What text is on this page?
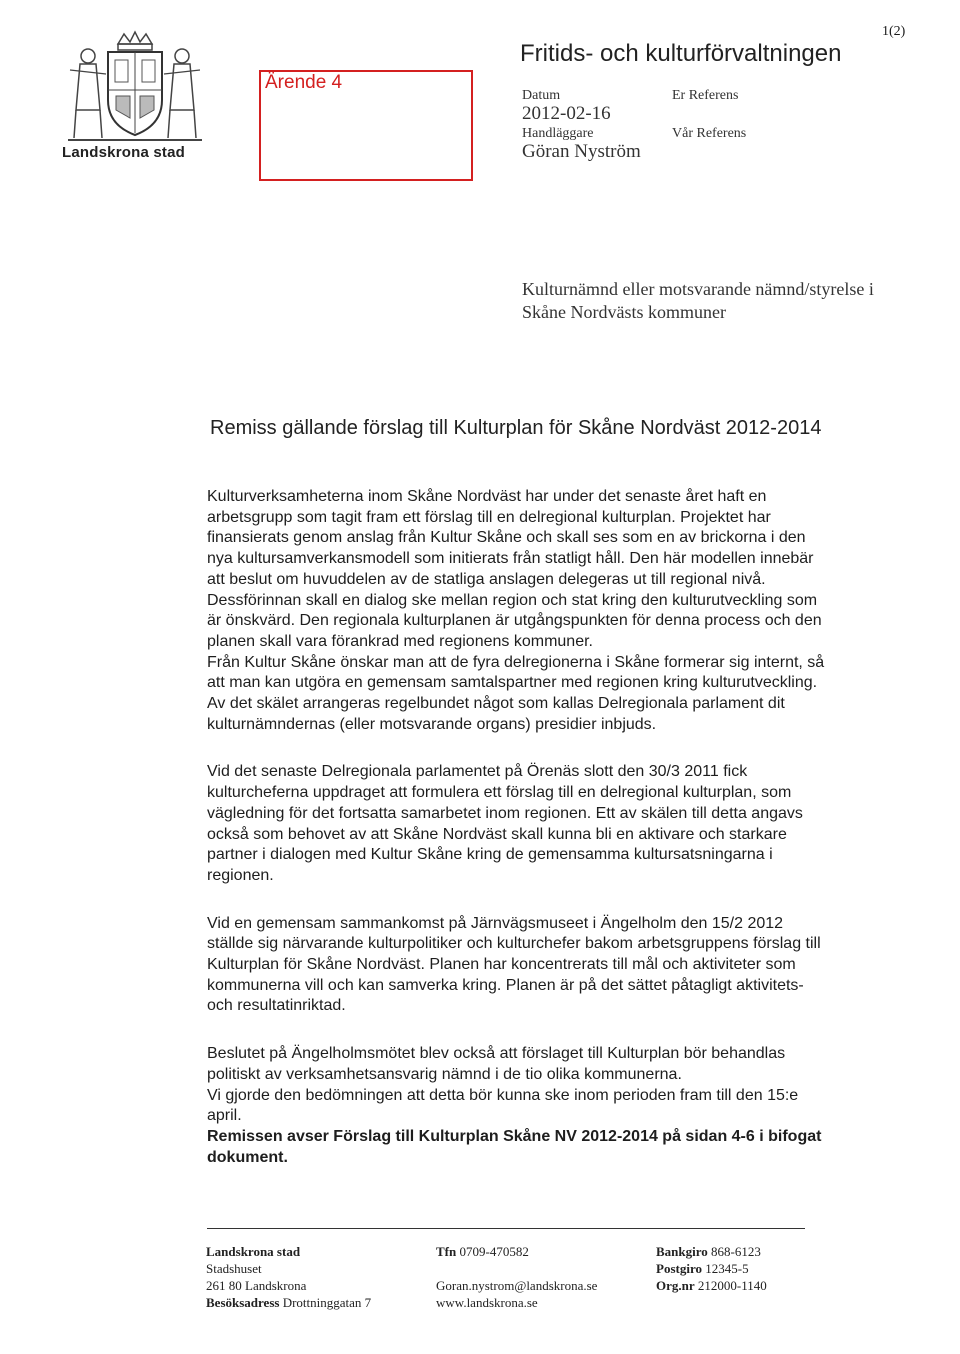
Landskrona stad
1(2)
Fritids- och kulturförvaltningen
Ärende 4
Datum
2012-02-16
Handläggare
Göran Nyström
Er Referens
Vår Referens
Kulturnämnd eller motsvarande nämnd/styrelse i
Skåne Nordvästs kommuner
Remiss gällande förslag till Kulturplan för Skåne Nordväst 2012-2014

Kulturverksamheterna inom Skåne Nordväst har under det senaste året haft en arbetsgrupp som tagit fram ett förslag till en delregional kulturplan. Projektet har finansierats genom anslag från Kultur Skåne och skall ses som en av brickorna i den nya kultursamverkansmodell som initierats från statligt håll. Den här modellen innebär att beslut om huvuddelen av de statliga anslagen delegeras ut till regional nivå. Dessförinnan skall en dialog ske mellan region och stat kring den kulturutveckling som är önskvärd. Den regionala kulturplanen är utgångspunkten för denna process och den planen skall vara förankrad med regionens kommuner.

Från Kultur Skåne önskar man att de fyra delregionerna i Skåne formerar sig internt, så att man kan utgöra en gemensam samtalspartner med regionen kring kulturutveckling. Av det skälet arrangeras regelbundet något som kallas Delregionala parlament dit kulturnämndernas (eller motsvarande organs) presidier inbjuds.

Vid det senaste Delregionala parlamentet på Örenäs slott den 30/3 2011 fick kulturcheferna uppdraget att formulera ett förslag till en delregional kulturplan, som vägledning för det fortsatta samarbetet inom regionen. Ett av skälen till detta angavs också som behovet av att Skåne Nordväst skall kunna bli en aktivare och starkare partner i dialogen med Kultur Skåne kring de gemensamma kultursatsningarna i regionen.

Vid en gemensam sammankomst på Järnvägsmuseet i Ängelholm den 15/2 2012 ställde sig närvarande kulturpolitiker och kulturchefer bakom arbetsgruppens förslag till Kulturplan för Skåne Nordväst. Planen har koncentrerats till mål och aktiviteter som kommunerna vill och kan samverka kring. Planen är på det sättet påtagligt aktivitets- och resultatinriktad.

Beslutet på Ängelholmsmötet blev också att förslaget till Kulturplan bör behandlas politiskt av verksamhetsansvarig nämnd i de tio olika kommunerna.

Vi gjorde den bedömningen att detta bör kunna ske inom perioden fram till den 15:e april.

Remissen avser Förslag till Kulturplan Skåne NV 2012-2014 på sidan 4-6 i bifogat dokument.

Landskrona stad
Stadshuset
261 80 Landskrona
Besöksadress Drottninggatan 7
Tfn 0709-470582

Goran.nystrom@landskrona.se
www.landskrona.se
Bankgiro 868-6123
Postgiro 12345-5
Org.nr 212000-1140
